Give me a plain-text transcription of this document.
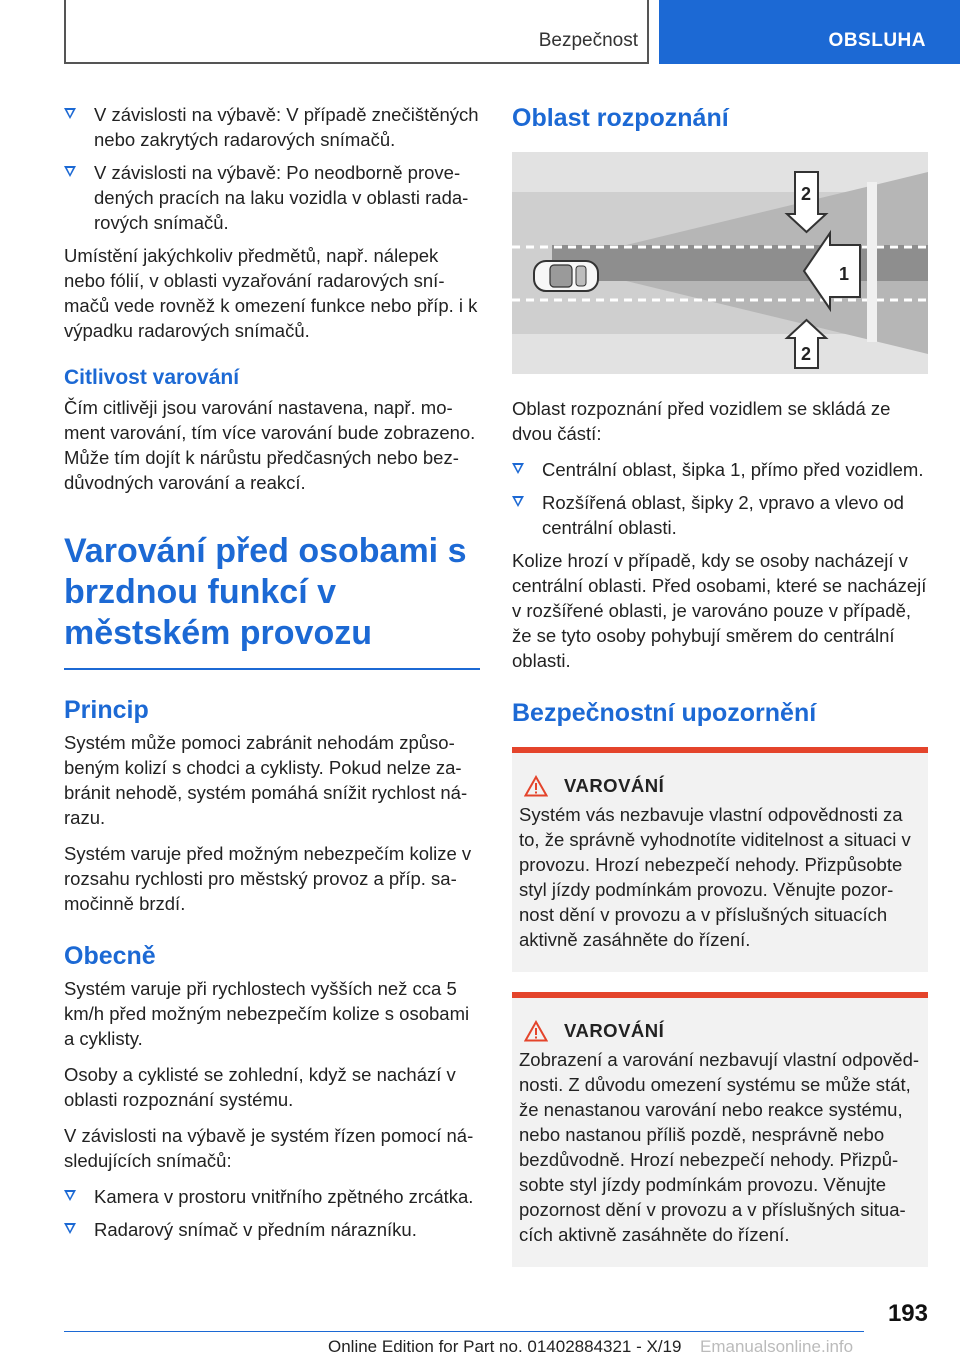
Bezpečnost	OBSLUHA
V závislosti na výbavě: V případě znečištěných nebo zakrytých radarových snímačů.
V závislosti na výbavě: Po neodborně provedených pracích na laku vozidla v oblasti radarových snímačů.

Umístění jakýchkoliv předmětů, např. nálepek nebo fólií, v oblasti vyzařování radarových snímačů vede rovněž k omezení funkce nebo příp. i k výpadku radarových snímačů.

Citlivost varování

Čím citlivěji jsou varování nastavena, např. moment varování, tím více varování bude zobrazeno. Může tím dojít k nárůstu předčasných nebo bezdůvodných varování a reakcí.

Varování před osobami s brzdnou funkcí v městském provozu
Princip

Systém může pomoci zabránit nehodám způsobeným kolizí s chodci a cyklisty. Pokud nelze zabránit nehodě, systém pomáhá snížit rychlost nárazu.

Systém varuje před možným nebezpečím kolize v rozsahu rychlosti pro městský provoz a příp. samočinně brzdí.

Obecně

Systém varuje při rychlostech vyšších než cca 5 km/h před možným nebezpečím kolize s osobami a cyklisty.

Osoby a cyklisté se zohlední, když se nachází v oblasti rozpoznání systému.

V závislosti na výbavě je systém řízen pomocí následujících snímačů:

Kamera v prostoru vnitřního zpětného zrcátka.
Radarový snímač v předním nárazníku.
Oblast rozpoznání
2
1
2

Oblast rozpoznání před vozidlem se skládá ze dvou částí:

Centrální oblast, šipka 1, přímo před vozidlem.
Rozšířená oblast, šipky 2, vpravo a vlevo od centrální oblasti.

Kolize hrozí v případě, kdy se osoby nacházejí v centrální oblasti. Před osobami, které se nacházejí v rozšířené oblasti, je varováno pouze v případě, že se tyto osoby pohybují směrem do centrální oblasti.

Bezpečnostní upozornění
VAROVÁNÍ
Systém vás nezbavuje vlastní odpovědnosti za to, že správně vyhodnotíte viditelnost a situaci v provozu. Hrozí nebezpečí nehody. Přizpůsobte styl jízdy podmínkám provozu. Věnujte pozornost dění v provozu a v příslušných situacích aktivně zasáhněte do řízení.
VAROVÁNÍ
Zobrazení a varování nezbavují vlastní odpovědnosti. Z důvodu omezení systému se může stát, že nenastanou varování nebo reakce systému, nebo nastanou příliš pozdě, nesprávně nebo bezdůvodně. Hrozí nebezpečí nehody. Přizpůsobte styl jízdy podmínkám provozu. Věnujte pozornost dění v provozu a v příslušných situacích aktivně zasáhněte do řízení.
193
Online Edition for Part no. 01402884321 - X/19 Emanualsonline.info
